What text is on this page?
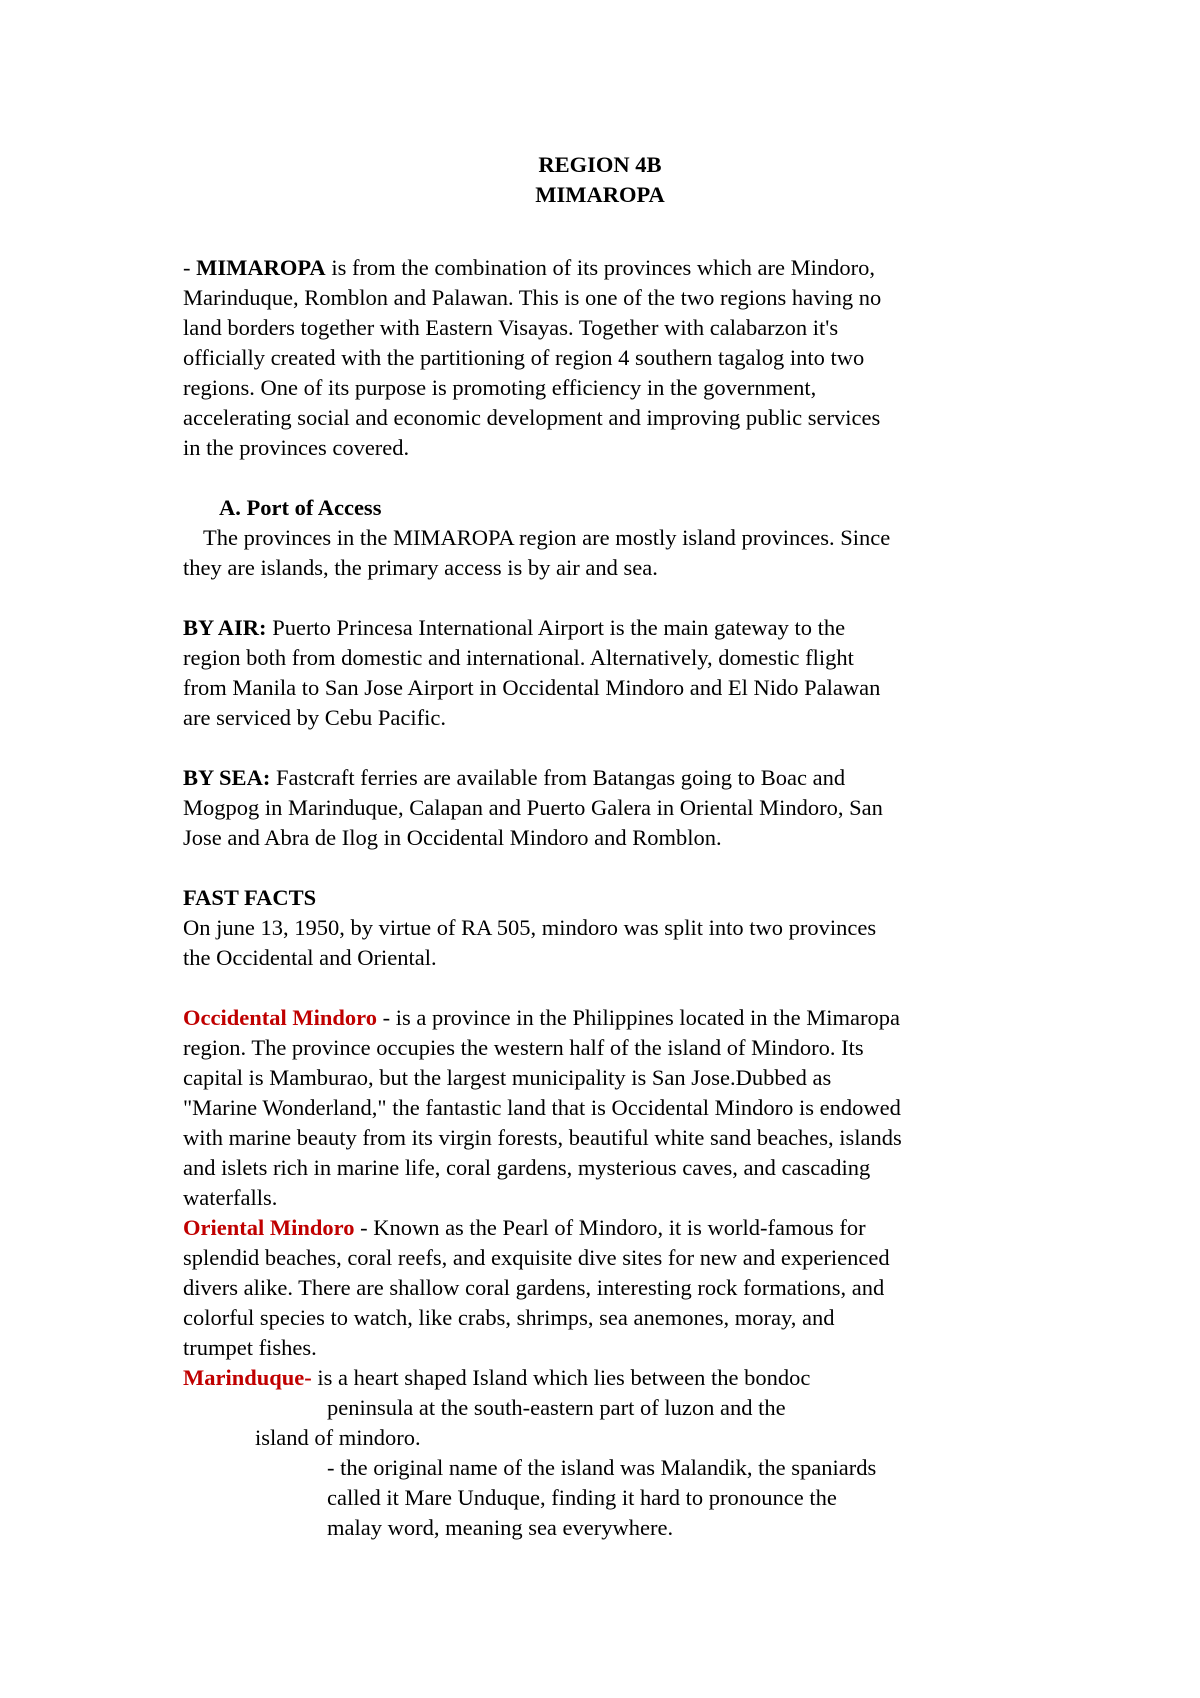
REGION 4B
MIMAROPA
- MIMAROPA is from the combination of its provinces which are Mindoro,
Marinduque, Romblon and Palawan. This is one of the two regions having no
land borders together with Eastern Visayas. Together with calabarzon it's
officially created with the partitioning of region 4 southern tagalog into two
regions. One of its purpose is promoting efficiency in the government,
accelerating social and economic development and improving public services
in the provinces covered.
A. Port of Access
The provinces in the MIMAROPA region are mostly island provinces. Since
they are islands, the primary access is by air and sea.
BY AIR: Puerto Princesa International Airport is the main gateway to the
region both from domestic and international. Alternatively, domestic flight
from Manila to San Jose Airport in Occidental Mindoro and El Nido Palawan
are serviced by Cebu Pacific.
BY SEA: Fastcraft ferries are available from Batangas going to Boac and
Mogpog in Marinduque, Calapan and Puerto Galera in Oriental Mindoro, San
Jose and Abra de Ilog in Occidental Mindoro and Romblon.
FAST FACTS
On june 13, 1950, by virtue of RA 505, mindoro was split into two provinces
the Occidental and Oriental.
Occidental Mindoro - is a province in the Philippines located in the Mimaropa
region. The province occupies the western half of the island of Mindoro. Its
capital is Mamburao, but the largest municipality is San Jose.Dubbed as
"Marine Wonderland," the fantastic land that is Occidental Mindoro is endowed
with marine beauty from its virgin forests, beautiful white sand beaches, islands
and islets rich in marine life, coral gardens, mysterious caves, and cascading
waterfalls.
Oriental Mindoro - Known as the Pearl of Mindoro, it is world-famous for
splendid beaches, coral reefs, and exquisite dive sites for new and experienced
divers alike. There are shallow coral gardens, interesting rock formations, and
colorful species to watch, like crabs, shrimps, sea anemones, moray, and
trumpet fishes.
Marinduque- is a heart shaped Island which lies between the bondoc
peninsula at the south-eastern part of luzon and the
island of mindoro.
- the original name of the island was Malandik, the spaniards
called it Mare Unduque, finding it hard to pronounce the
malay word, meaning sea everywhere.
